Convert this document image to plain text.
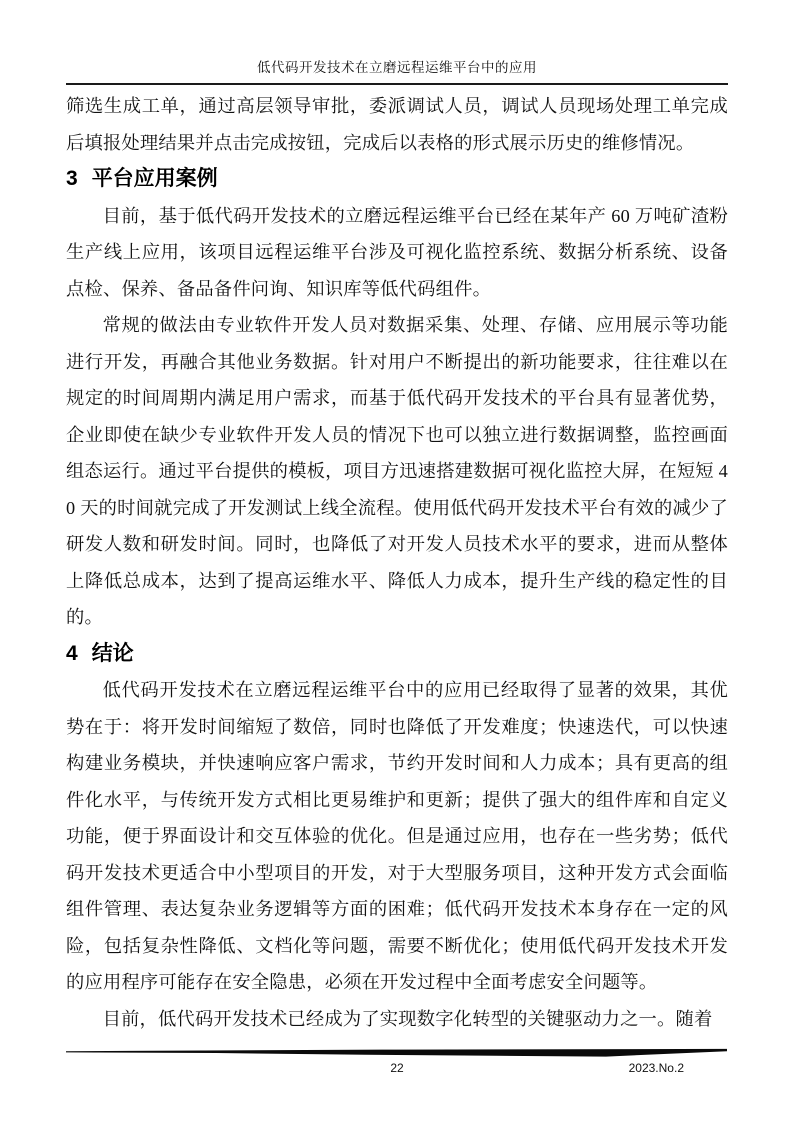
低代码开发技术在立磨远程运维平台中的应用

筛选生成工单，通过高层领导审批，委派调试人员，调试人员现场处理工单完成后填报处理结果并点击完成按钮，完成后以表格的形式展示历史的维修情况。

3 平台应用案例

目前，基于低代码开发技术的立磨远程运维平台已经在某年产 60 万吨矿渣粉生产线上应用，该项目远程运维平台涉及可视化监控系统、数据分析系统、设备点检、保养、备品备件问询、知识库等低代码组件。

常规的做法由专业软件开发人员对数据采集、处理、存储、应用展示等功能进行开发，再融合其他业务数据。针对用户不断提出的新功能要求，往往难以在规定的时间周期内满足用户需求，而基于低代码开发技术的平台具有显著优势，企业即使在缺少专业软件开发人员的情况下也可以独立进行数据调整，监控画面组态运行。通过平台提供的模板，项目方迅速搭建数据可视化监控大屏，在短短 40 天的时间就完成了开发测试上线全流程。使用低代码开发技术平台有效的减少了研发人数和研发时间。同时，也降低了对开发人员技术水平的要求，进而从整体上降低总成本，达到了提高运维水平、降低人力成本，提升生产线的稳定性的目的。

4 结论

低代码开发技术在立磨远程运维平台中的应用已经取得了显著的效果，其优势在于：将开发时间缩短了数倍，同时也降低了开发难度；快速迭代，可以快速构建业务模块，并快速响应客户需求，节约开发时间和人力成本；具有更高的组件化水平，与传统开发方式相比更易维护和更新；提供了强大的组件库和自定义功能，便于界面设计和交互体验的优化。但是通过应用，也存在一些劣势；低代码开发技术更适合中小型项目的开发，对于大型服务项目，这种开发方式会面临组件管理、表达复杂业务逻辑等方面的困难；低代码开发技术本身存在一定的风险，包括复杂性降低、文档化等问题，需要不断优化；使用低代码开发技术开发的应用程序可能存在安全隐患，必须在开发过程中全面考虑安全问题等。

目前，低代码开发技术已经成为了实现数字化转型的关键驱动力之一。随着

22	2023.No.2
